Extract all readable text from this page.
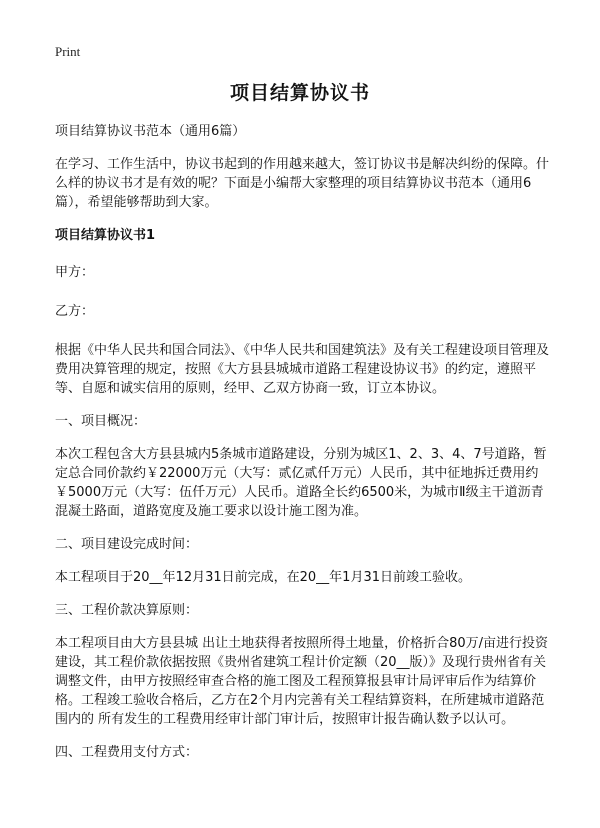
Print
项目结算协议书

项目结算协议书范本（通用6篇）

在学习、工作生活中，协议书起到的作用越来越大，签订协议书是解决纠纷的保障。什么样的协议书才是有效的呢？下面是小编帮大家整理的项目结算协议书范本（通用6篇），希望能够帮助到大家。

项目结算协议书1

甲方：

乙方：

根据《中华人民共和国合同法》、《中华人民共和国建筑法》及有关工程建设项目管理及费用决算管理的规定，按照《大方县县城城市道路工程建设协议书》的约定，遵照平等、自愿和诚实信用的原则，经甲、乙双方协商一致，订立本协议。

一、项目概况：

本次工程包含大方县县城内5条城市道路建设，分别为城区1、2、3、4、7号道路，暂定总合同价款约￥22000万元（大写：贰亿贰仟万元）人民币，其中征地拆迁费用约￥5000万元（大写：伍仟万元）人民币。道路全长约6500米，为城市Ⅱ级主干道沥青混凝土路面，道路宽度及施工要求以设计施工图为准。

二、项目建设完成时间：

本工程项目于20__年12月31日前完成，在20__年1月31日前竣工验收。

三、工程价款决算原则：

本工程项目由大方县县城 出让土地获得者按照所得土地量，价格折合80万/亩进行投资建设，其工程价款依据按照《贵州省建筑工程计价定额（20__版）》及现行贵州省有关调整文件，由甲方按照经审查合格的施工图及工程预算报县审计局评审后作为结算价格。工程竣工验收合格后，乙方在2个月内完善有关工程结算资料，在所建城市道路范围内的 所有发生的工程费用经审计部门审计后，按照审计报告确认数予以认可。

四、工程费用支付方式：
